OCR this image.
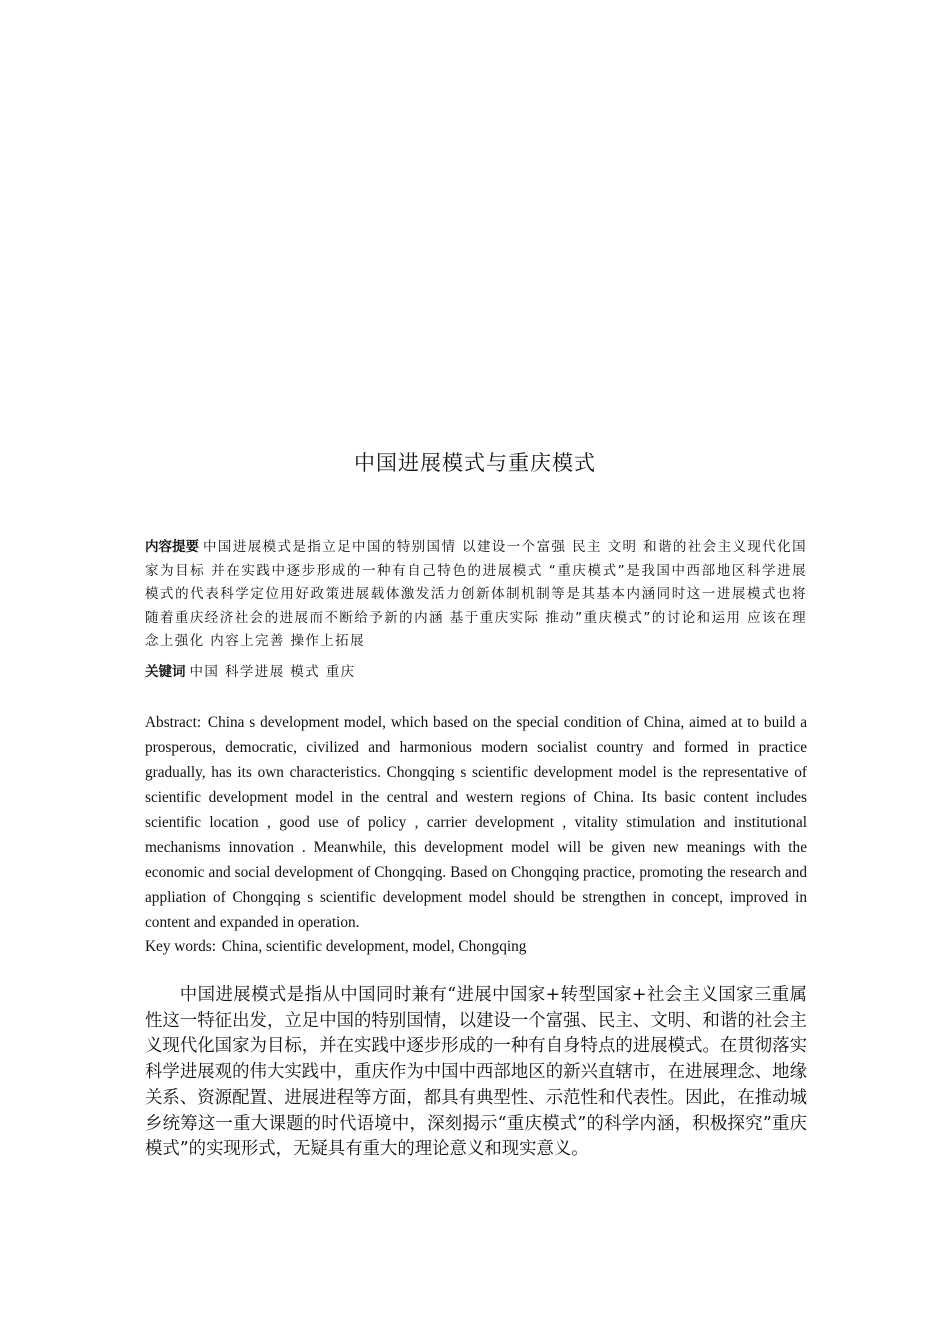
中国进展模式与重庆模式
内容提要 中国进展模式是指立足中国的特别国情 以建设一个富强 民主 文明 和谐的社会主义现代化国家为目标 并在实践中逐步形成的一种有自己特色的进展模式 “重庆模式”是我国中西部地区科学进展模式的代表科学定位用好政策进展载体激发活力创新体制机制等是其基本内涵同时这一进展模式也将随着重庆经济社会的进展而不断给予新的内涵 基于重庆实际 推动”重庆模式”的讨论和运用 应该在理念上强化 内容上完善 操作上拓展
关键词 中国 科学进展 模式 重庆
Abstract: China s development model, which based on the special condition of China, aimed at to build a prosperous, democratic, civilized and harmonious modern socialist country and formed in practice gradually, has its own characteristics. Chongqing s scientific development model is the representative of scientific development model in the central and western regions of China. Its basic content includes scientific location , good use of policy , carrier development , vitality stimulation and institutional mechanisms innovation . Meanwhile, this development model will be given new meanings with the economic and social development of Chongqing. Based on Chongqing practice, promoting the research and appliation of Chongqing s scientific development model should be strengthen in concept, improved in content and expanded in operation.
Key words: China, scientific development, model, Chongqing
中国进展模式是指从中国同时兼有“进展中国家+转型国家+社会主义国家三重属性这一特征出发，立足中国的特别国情，以建设一个富强、民主、文明、和谐的社会主义现代化国家为目标，并在实践中逐步形成的一种有自身特点的进展模式。在贯彻落实科学进展观的伟大实践中，重庆作为中国中西部地区的新兴直辖市，在进展理念、地缘关系、资源配置、进展进程等方面，都具有典型性、示范性和代表性。因此，在推动城乡统筹这一重大课题的时代语境中，深刻揭示“重庆模式”的科学内涵，积极探究”重庆模式”的实现形式，无疑具有重大的理论意义和现实意义。
